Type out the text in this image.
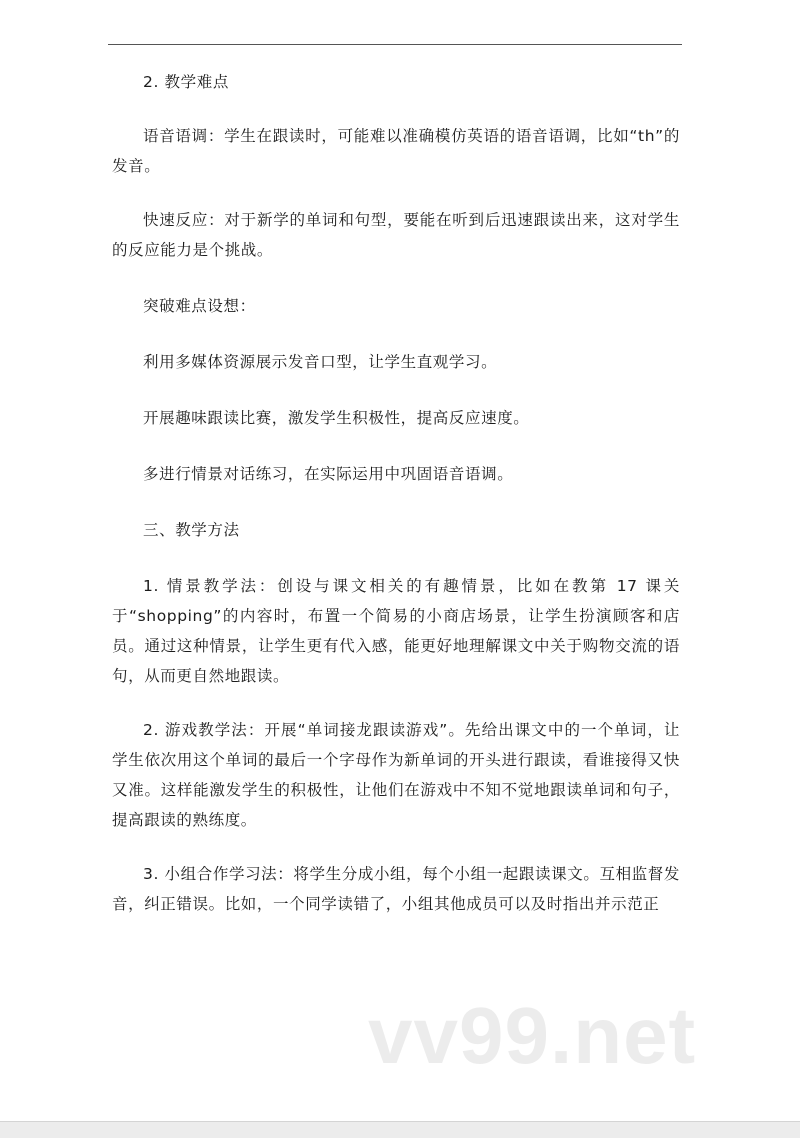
2. 教学难点

语音语调：学生在跟读时，可能难以准确模仿英语的语音语调，比如“th”的发音。

快速反应：对于新学的单词和句型，要能在听到后迅速跟读出来，这对学生的反应能力是个挑战。

突破难点设想：

利用多媒体资源展示发音口型，让学生直观学习。

开展趣味跟读比赛，激发学生积极性，提高反应速度。

多进行情景对话练习，在实际运用中巩固语音语调。

三、教学方法

1. 情景教学法：创设与课文相关的有趣情景，比如在教第 17 课关于“shopping”的内容时，布置一个简易的小商店场景，让学生扮演顾客和店员。通过这种情景，让学生更有代入感，能更好地理解课文中关于购物交流的语句，从而更自然地跟读。

2. 游戏教学法：开展“单词接龙跟读游戏”。先给出课文中的一个单词，让学生依次用这个单词的最后一个字母作为新单词的开头进行跟读，看谁接得又快又准。这样能激发学生的积极性，让他们在游戏中不知不觉地跟读单词和句子，提高跟读的熟练度。

3. 小组合作学习法：将学生分成小组，每个小组一起跟读课文。互相监督发音，纠正错误。比如，一个同学读错了，小组其他成员可以及时指出并示范正

vv99.net
